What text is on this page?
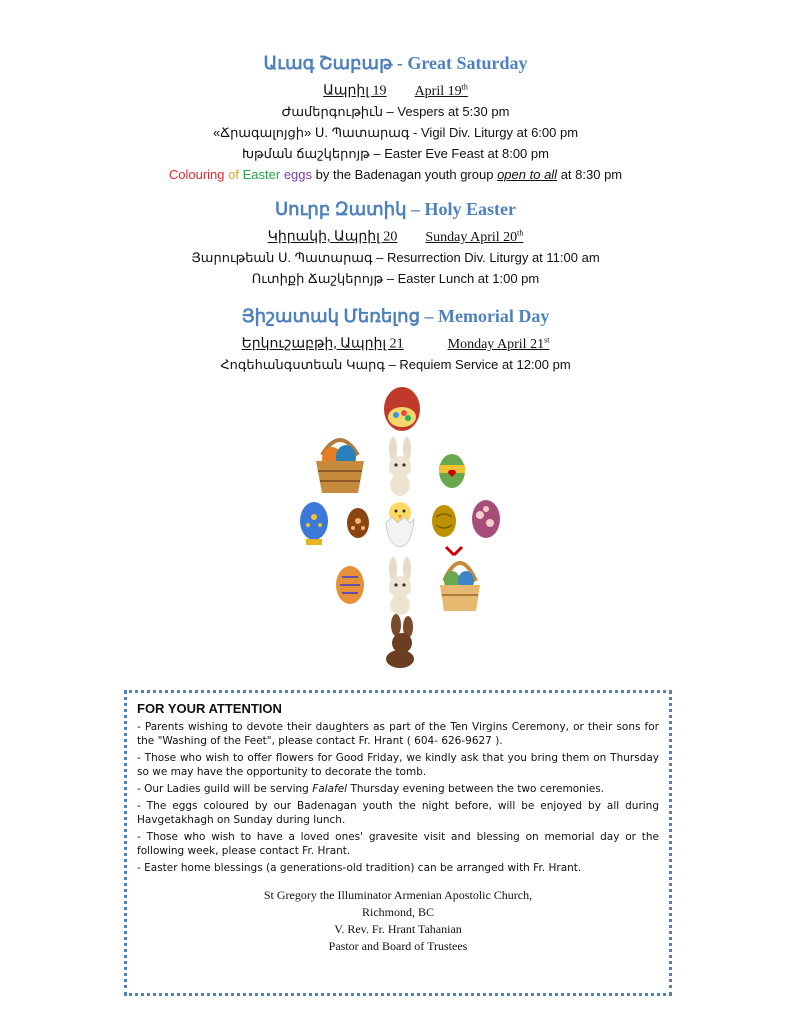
Աւագ Շաբաթ - Great Saturday
Ապրիլ 19 April 19th
Ժամերգութիւն – Vespers at 5:30 pm
«Ճրագալոյցի» Ս. Պատարագ - Vigil Div. Liturgy at 6:00 pm
Խթման ճաշկերոյթ – Easter Eve Feast at 8:00 pm
Colouring of Easter eggs by the Badenagan youth group open to all at 8:30 pm
Սուրբ Զատիկ – Holy Easter
Կիրակի, Ապրիլ 20 Sunday April 20th
Յարութեան Ս. Պատարագ – Resurrection Div. Liturgy at 11:00 am
Ուտիքի Ճաշկերոյթ – Easter Lunch at 1:00 pm
Յիշատակ Մեռելոց – Memorial Day
Երկուշաբթի, Ապրիլ 21	Monday April 21st
Հոգեհանգստեան Կարգ – Requiem Service at 12:00 pm
FOR YOUR ATTENTION
- Parents wishing to devote their daughters as part of the Ten Virgins Ceremony, or their sons for the "Washing of the Feet", please contact Fr. Hrant ( 604- 626-9627 ).
- Those who wish to offer flowers for Good Friday, we kindly ask that you bring them on Thursday so we may have the opportunity to decorate the tomb.
- Our Ladies guild will be serving Falafel Thursday evening between the two ceremonies.
- The eggs coloured by our Badenagan youth the night before, will be enjoyed by all during Havgetakhagh on Sunday during lunch.
- Those who wish to have a loved ones' gravesite visit and blessing on memorial day or the following week, please contact Fr. Hrant.
- Easter home blessings (a generations-old tradition) can be arranged with Fr. Hrant.
St Gregory the Illuminator Armenian Apostolic Church,
Richmond, BC
V. Rev. Fr. Hrant Tahanian
Pastor and Board of Trustees
